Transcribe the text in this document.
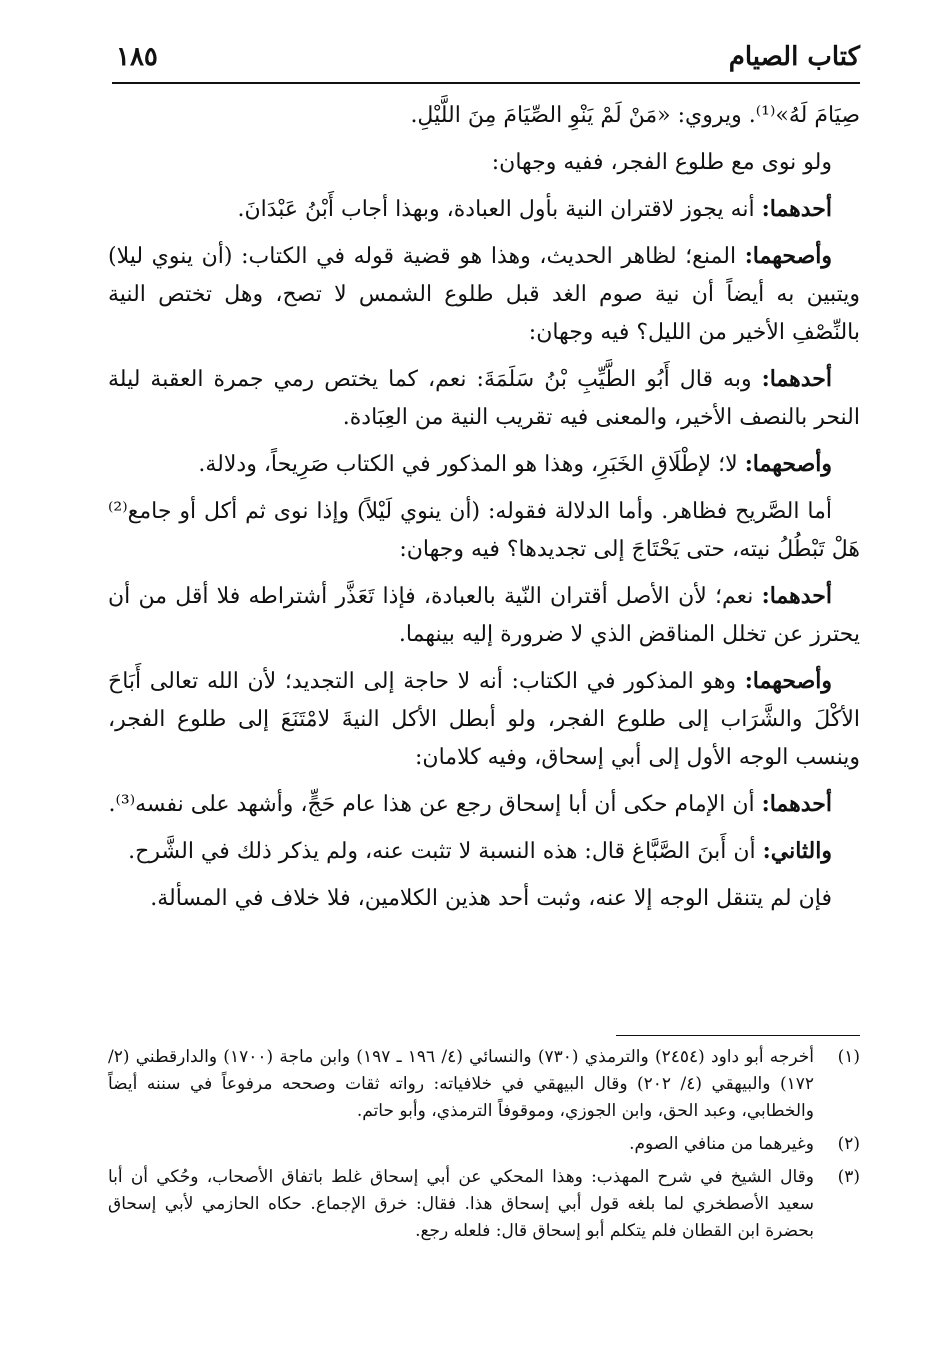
كتاب الصيام
١٨٥

صِيَامَ لَهُ»⁽¹⁾. ويروي: «مَنْ لَمْ يَنْوِ الصِّيَامَ مِنَ اللَّيْلِ.

ولو نوى مع طلوع الفجر، ففيه وجهان:

أحدهما: أنه يجوز لاقتران النية بأول العبادة، وبهذا أجاب أَبْنُ عَبْدَانَ.

وأصحهما: المنع؛ لظاهر الحديث، وهذا هو قضية قوله في الكتاب: (أن ينوي ليلا) ويتبين به أيضاً أن نية صوم الغد قبل طلوع الشمس لا تصح، وهل تختص النية بالنِّصْفِ الأخير من الليل؟ فيه وجهان:

أحدهما: وبه قال أَبُو الطَّيِّبِ بْنُ سَلَمَةَ: نعم، كما يختص رمي جمرة العقبة ليلة النحر بالنصف الأخير، والمعنى فيه تقريب النية من العِبَادة.

وأصحهما: لا؛ لإطْلَاقِ الخَبَرِ، وهذا هو المذكور في الكتاب صَرِيحاً، ودلالة.

أما الصَّريح فظاهر. وأما الدلالة فقوله: (أن ينوي لَيْلاً) وإذا نوى ثم أكل أو جامع⁽²⁾ هَلْ تَبْطُلُ نيته، حتى يَحْتَاجَ إلى تجديدها؟ فيه وجهان:

أحدهما: نعم؛ لأن الأصل أقتران النّية بالعبادة، فإذا تَعَذَّر أشتراطه فلا أقل من أن يحترز عن تخلل المناقض الذي لا ضرورة إليه بينهما.

وأصحهما: وهو المذكور في الكتاب: أنه لا حاجة إلى التجديد؛ لأن الله تعالى أَبَاحَ الأكْلَ والشَّرَاب إلى طلوع الفجر، ولو أبطل الأكل النيةَ لامْتَنَعَ إلى طلوع الفجر، وينسب الوجه الأول إلى أبي إسحاق، وفيه كلامان:

أحدهما: أن الإمام حكى أن أبا إسحاق رجع عن هذا عام حَجٍّ، وأشهد على نفسه⁽³⁾.

والثاني: أن أَبنَ الصَّبَّاغ قال: هذه النسبة لا تثبت عنه، ولم يذكر ذلك في الشَّرح.

فإن لم يتنقل الوجه إلا عنه، وثبت أحد هذين الكلامين، فلا خلاف في المسألة.

(١)
أخرجه أبو داود (٢٤٥٤) والترمذي (٧٣٠) والنسائي (٤/ ١٩٦ ـ ١٩٧) وابن ماجة (١٧٠٠) والدارقطني (٢/ ١٧٢) والبيهقي (٤/ ٢٠٢) وقال البيهقي في خلافياته: رواته ثقات وصححه مرفوعاً في سننه أيضاً والخطابي، وعبد الحق، وابن الجوزي، وموقوفاً الترمذي، وأبو حاتم.
(٢)
وغيرهما من منافي الصوم.
(٣)
وقال الشيخ في شرح المهذب: وهذا المحكي عن أبي إسحاق غلط باتفاق الأصحاب، وحُكي أن أبا سعيد الأصطخري لما بلغه قول أبي إسحاق هذا. فقال: خرق الإجماع. حكاه الحازمي لأبي إسحاق بحضرة ابن القطان فلم يتكلم أبو إسحاق قال: فلعله رجع.
